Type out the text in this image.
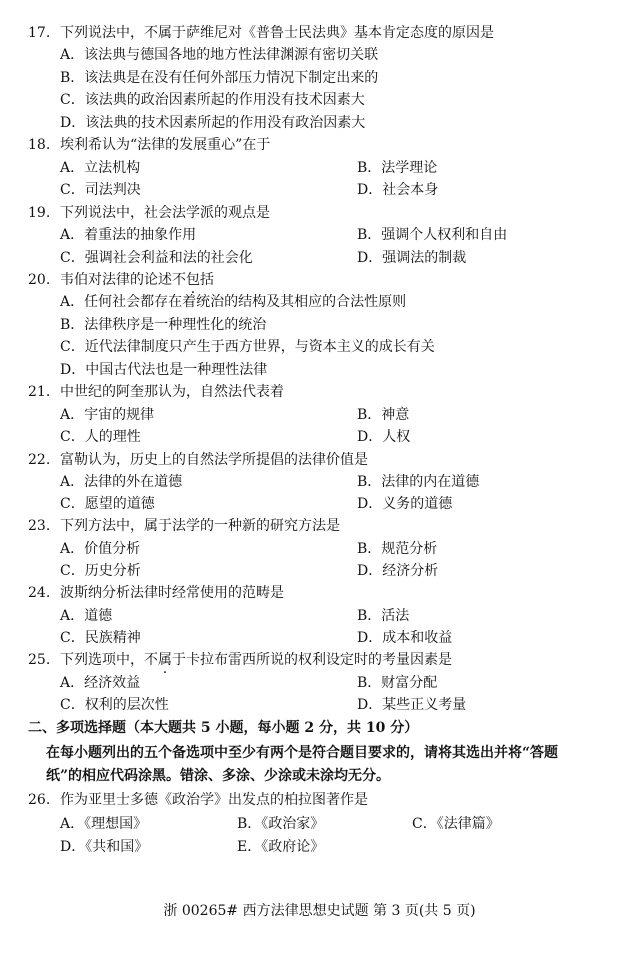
17. 下列说法中，不属于萨维尼对《普鲁士民法典》基本肯定态度的原因是
A．该法典与德国各地的地方性法律渊源有密切关联
B．该法典是在没有任何外部压力情况下制定出来的
C．该法典的政治因素所起的作用没有技术因素大
D．该法典的技术因素所起的作用没有政治因素大
18. 埃利希认为“法律的发展重心”在于
A．立法机构	B．法学理论
C．司法判决	D．社会本身
19. 下列说法中，社会法学派的观点是
A．着重法的抽象作用	B．强调个人权利和自由
C．强调社会利益和法的社会化	D．强调法的制裁
20. 韦伯对法律的论述不包括
A．任何社会都存在着统治的结构及其相应的合法性原则
B．法律秩序是一种理性化的统治
C．近代法律制度只产生于西方世界，与资本主义的成长有关
D．中国古代法也是一种理性法律
21. 中世纪的阿奎那认为，自然法代表着
A．宇宙的规律	B．神意
C．人的理性	D．人权
22. 富勒认为，历史上的自然法学所提倡的法律价值是
A．法律的外在道德	B．法律的内在道德
C．愿望的道德	D．义务的道德
23. 下列方法中，属于法学的一种新的研究方法是
A．价值分析	B．规范分析
C．历史分析	D．经济分析
24. 波斯纳分析法律时经常使用的范畴是
A．道德	B．活法
C．民族精神	D．成本和收益
25. 下列选项中，不属于卡拉布雷西所说的权利设定时的考量因素是
A．经济效益	B．财富分配
C．权利的层次性	D．某些正义考量
二、多项选择题（本大题共 5 小题，每小题 2 分，共 10 分）
在每小题列出的五个备选项中至少有两个是符合题目要求的，请将其选出并将“答题
纸”的相应代码涂黑。错涂、多涂、少涂或未涂均无分。
26. 作为亚里士多德《政治学》出发点的柏拉图著作是
A．《理想国》	B．《政治家》	C．《法律篇》
D．《共和国》	E．《政府论》
浙 00265# 西方法律思想史试题 第 3 页(共 5 页)
